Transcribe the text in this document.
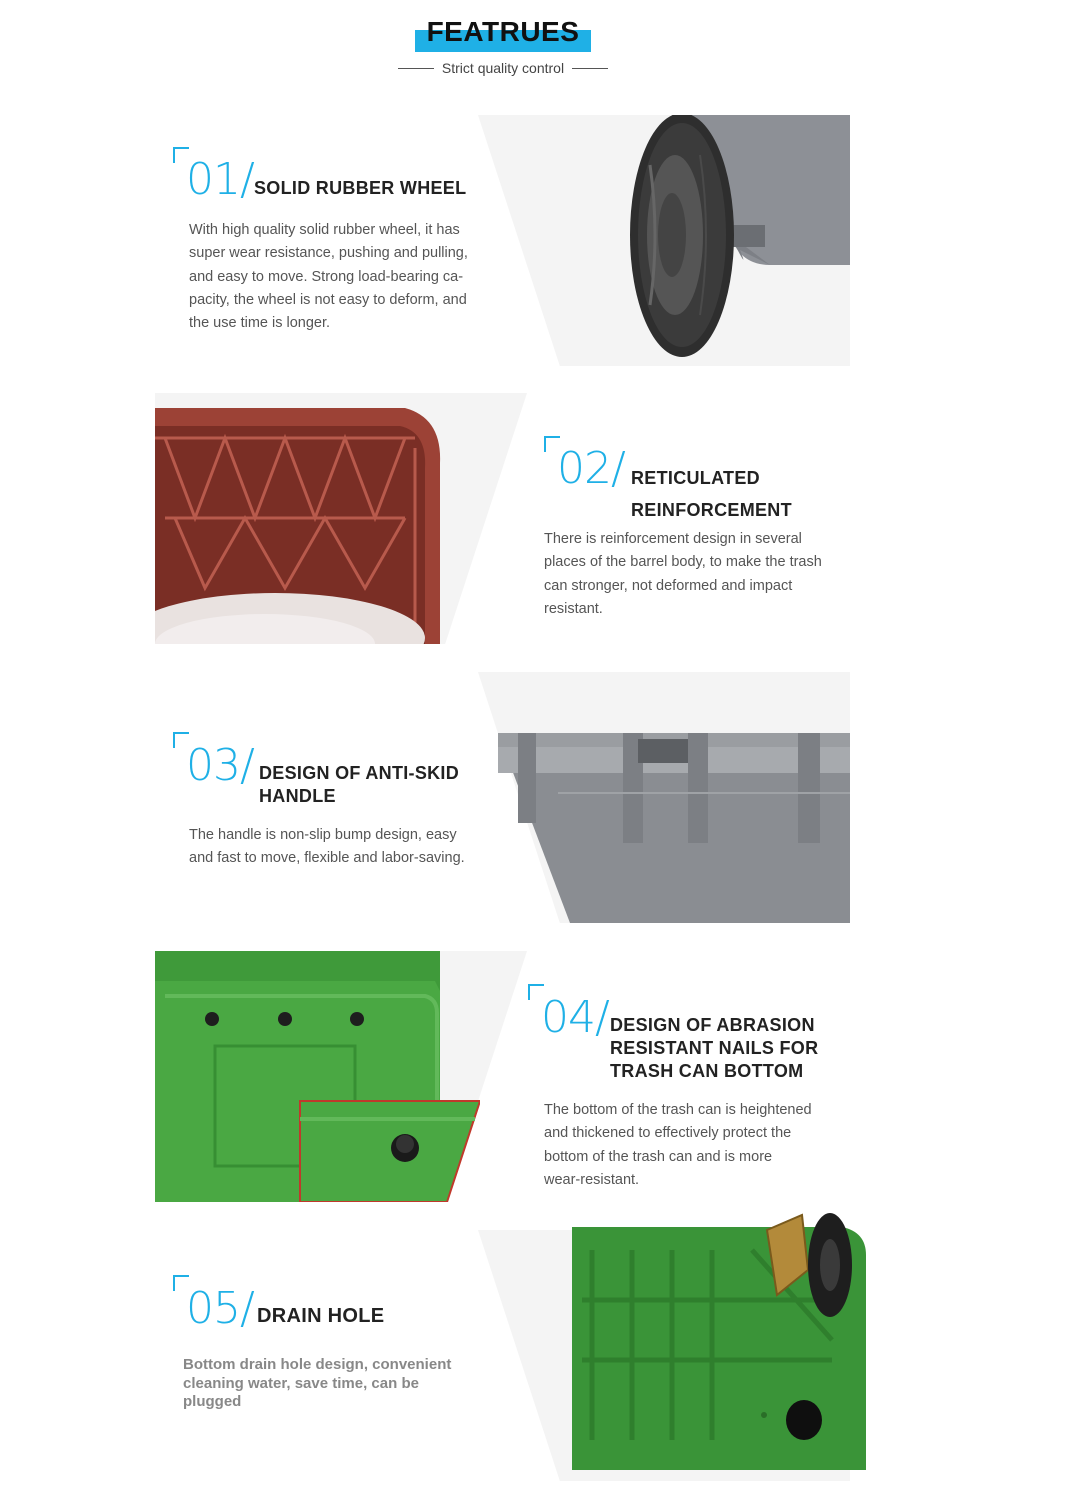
FEATRUES
Strict quality control
01/ SOLID RUBBER WHEEL
With high quality solid rubber wheel, it has
super wear resistance, pushing and pulling,
and easy to move. Strong load-bearing ca-
pacity, the wheel is not easy to deform, and
the use time is longer.
02/ RETICULATED
REINFORCEMENT
There is reinforcement design in several
places of the barrel body, to make the trash
can stronger, not deformed and impact
resistant.
03/ DESIGN OF ANTI-SKID
HANDLE
The handle is non-slip bump design, easy
and fast to move, flexible and labor-saving.
04/ DESIGN OF ABRASION
RESISTANT NAILS FOR
TRASH CAN BOTTOM
The bottom of the trash can is heightened
and thickened to effectively protect the
bottom of the trash can and is more
wear-resistant.
05/ DRAIN HOLE
Bottom drain hole design, convenient
cleaning water, save time, can be
plugged
